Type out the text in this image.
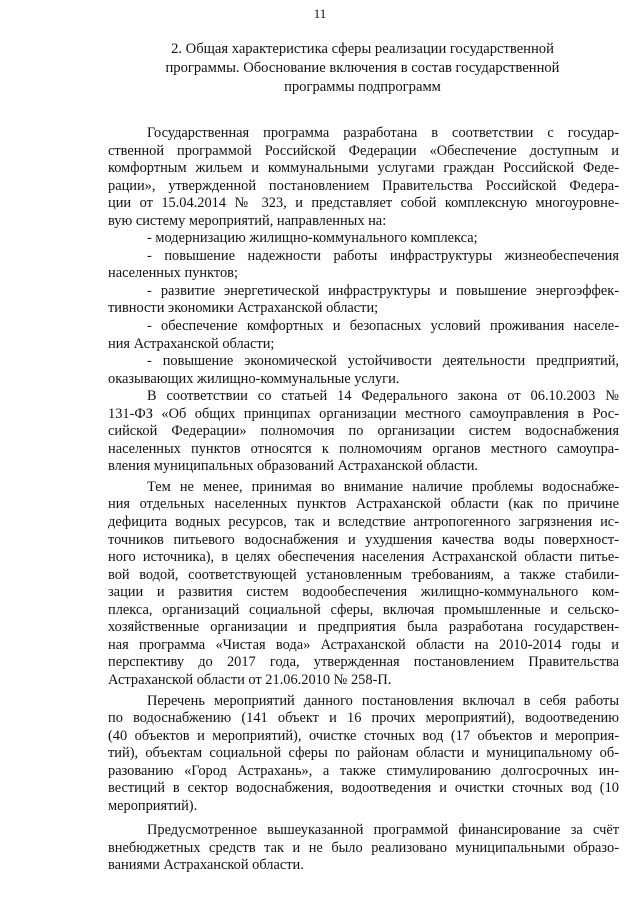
11
2. Общая характеристика сферы реализации государственной
программы. Обоснование включения в состав государственной
программы подпрограмм
Государственная программа разработана в соответствии с государ-
ственной программой Российской Федерации «Обеспечение доступным и
комфортным жильем и коммунальными услугами граждан Российской Феде-
рации», утвержденной постановлением Правительства Российской Федера-
ции от 15.04.2014 № 323, и представляет собой комплексную многоуровне-
вую систему мероприятий, направленных на:
- модернизацию жилищно-коммунального комплекса;
- повышение надежности работы инфраструктуры жизнеобеспечения
населенных пунктов;
- развитие энергетической инфраструктуры и повышение энергоэффек-
тивности экономики Астраханской области;
- обеспечение комфортных и безопасных условий проживания населе-
ния Астраханской области;
- повышение экономической устойчивости деятельности предприятий,
оказывающих жилищно-коммунальные услуги.
В соответствии со статьей 14 Федерального закона от 06.10.2003 №
131-ФЗ «Об общих принципах организации местного самоуправления в Рос-
сийской Федерации» полномочия по организации систем водоснабжения
населенных пунктов относятся к полномочиям органов местного самоупра-
вления муниципальных образований Астраханской области.
Тем не менее, принимая во внимание наличие проблемы водоснабже-
ния отдельных населенных пунктов Астраханской области (как по причине
дефицита водных ресурсов, так и вследствие антропогенного загрязнения ис-
точников питьевого водоснабжения и ухудшения качества воды поверхност-
ного источника), в целях обеспечения населения Астраханской области питье-
вой водой, соответствующей установленным требованиям, а также стабили-
зации и развития систем водообеспечения жилищно-коммунального ком-
плекса, организаций социальной сферы, включая промышленные и сельско-
хозяйственные организации и предприятия была разработана государствен-
ная программа «Чистая вода» Астраханской области на 2010-2014 годы и
перспективу до 2017 года, утвержденная постановлением Правительства
Астраханской области от 21.06.2010 № 258-П.
Перечень мероприятий данного постановления включал в себя работы
по водоснабжению (141 объект и 16 прочих мероприятий), водоотведению
(40 объектов и мероприятий), очистке сточных вод (17 объектов и мероприя-
тий), объектам социальной сферы по районам области и муниципальному об-
разованию «Город Астрахань», а также стимулированию долгосрочных ин-
вестиций в сектор водоснабжения, водоотведения и очистки сточных вод (10
мероприятий).
Предусмотренное вышеуказанной программой финансирование за счёт
внебюджетных средств так и не было реализовано муниципальными образо-
ваниями Астраханской области.
